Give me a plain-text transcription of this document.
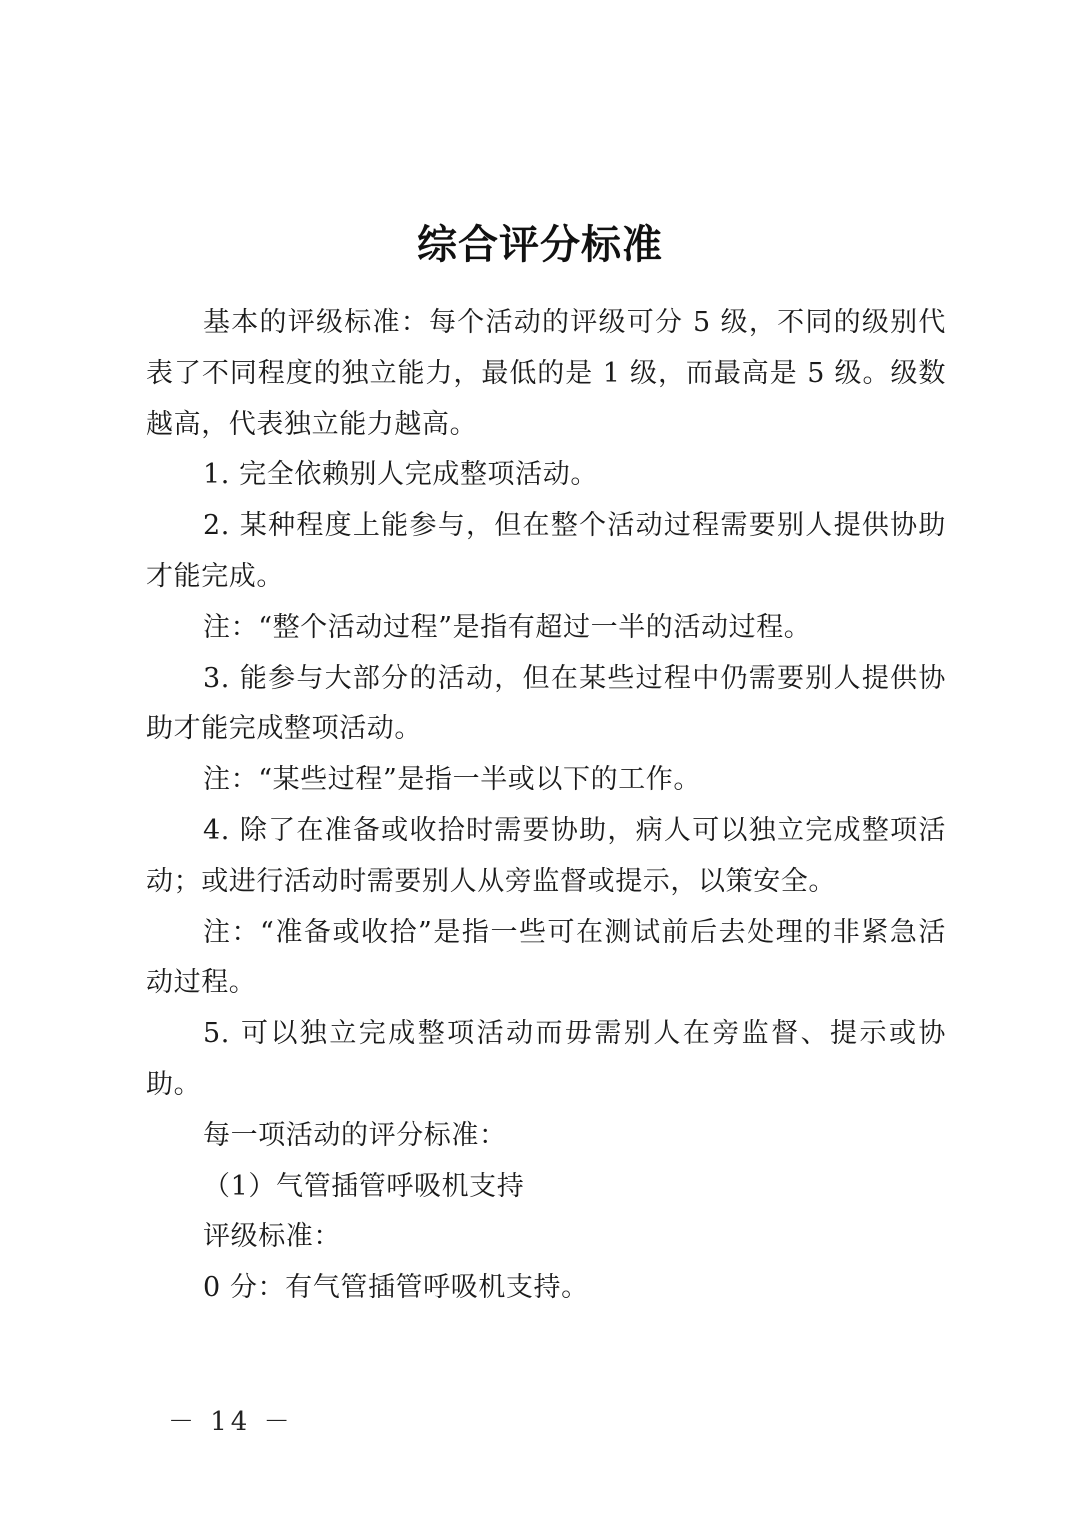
综合评分标准

基本的评级标准：每个活动的评级可分 5 级，不同的级别代表了不同程度的独立能力，最低的是 1 级，而最高是 5 级。级数越高，代表独立能力越高。

1. 完全依赖别人完成整项活动。

2. 某种程度上能参与，但在整个活动过程需要别人提供协助才能完成。

注：“整个活动过程”是指有超过一半的活动过程。

3. 能参与大部分的活动，但在某些过程中仍需要别人提供协助才能完成整项活动。

注：“某些过程”是指一半或以下的工作。

4. 除了在准备或收拾时需要协助，病人可以独立完成整项活动；或进行活动时需要别人从旁监督或提示，以策安全。

注：“准备或收拾”是指一些可在测试前后去处理的非紧急活动过程。

5. 可以独立完成整项活动而毋需别人在旁监督、提示或协助。

每一项活动的评分标准：

（1）气管插管呼吸机支持

评级标准：

0 分：有气管插管呼吸机支持。

－ 14 －
